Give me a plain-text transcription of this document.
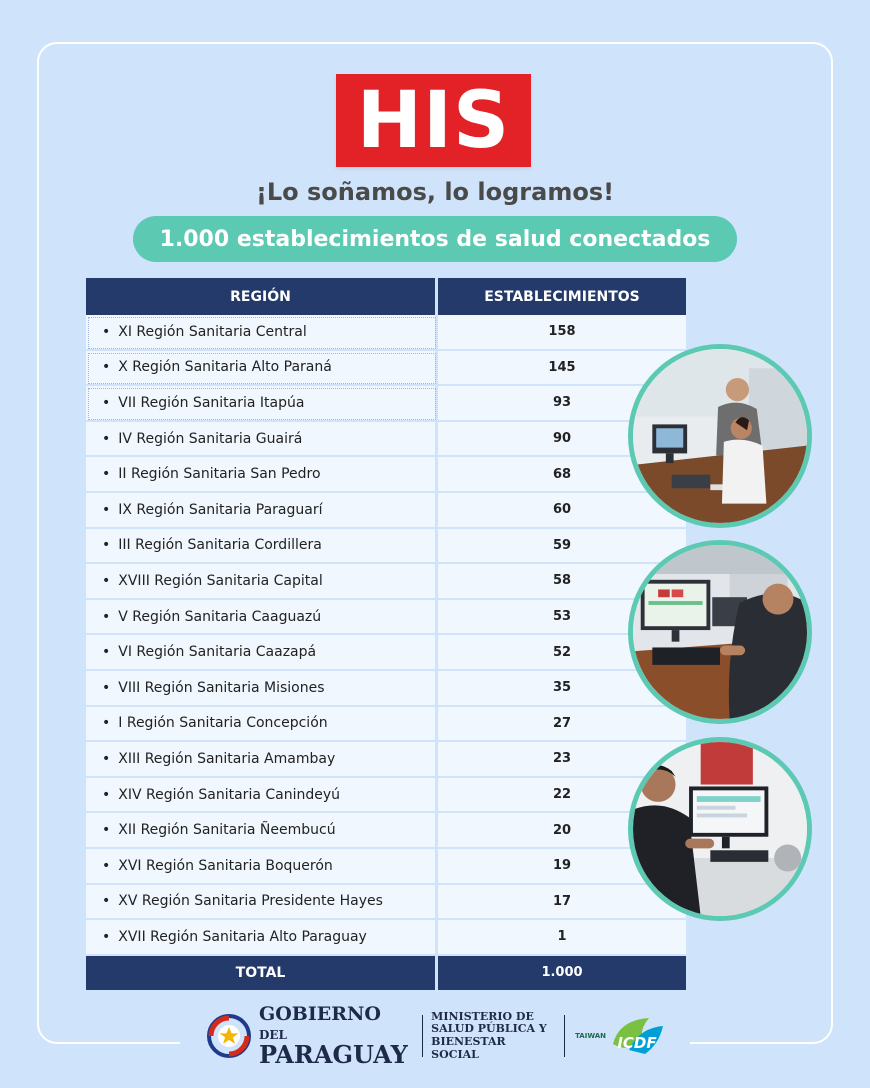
HIS
¡Lo soñamos, lo logramos!
1.000 establecimientos de salud conectados
REGIÓN	ESTABLECIMIENTOS
• XI Región Sanitaria Central	158
• X Región Sanitaria Alto Paraná	145
• VII Región Sanitaria Itapúa	93
• IV Región Sanitaria Guairá	90
• II Región Sanitaria San Pedro	68
• IX Región Sanitaria Paraguarí	60
• III Región Sanitaria Cordillera	59
• XVIII Región Sanitaria Capital	58
• V Región Sanitaria Caaguazú	53
• VI Región Sanitaria Caazapá	52
• VIII Región Sanitaria Misiones	35
• I Región Sanitaria Concepción	27
• XIII Región Sanitaria Amambay	23
• XIV Región Sanitaria Canindeyú	22
• XII Región Sanitaria Ñeembucú	20
• XVI Región Sanitaria Boquerón	19
• XV Región Sanitaria Presidente Hayes	17
• XVII Región Sanitaria Alto Paraguay	1
TOTAL	1.000
GOBIERNO DEL
PARAGUAY
MINISTERIO DE
SALUD PÚBLICA Y
BIENESTAR SOCIAL
TAIWAN ICDF
